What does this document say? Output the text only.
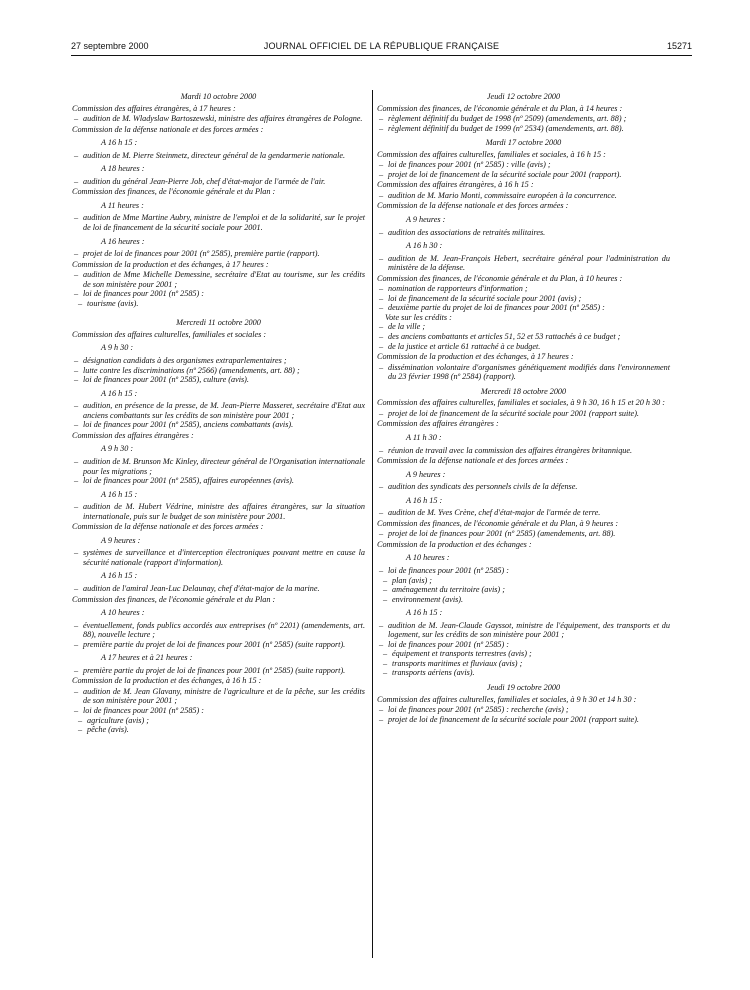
27 septembre 2000	JOURNAL OFFICIEL DE LA RÉPUBLIQUE FRANÇAISE	15271
Mardi 10 octobre 2000
Commission des affaires étrangères, à 17 heures :
– audition de M. Wladyslaw Bartoszewski, ministre des affaires étrangères de Pologne.
Commission de la défense nationale et des forces armées :
A 16 h 15 :
– audition de M. Pierre Steinmetz, directeur général de la gendarmerie nationale.
A 18 heures :
– audition du général Jean-Pierre Job, chef d'état-major de l'armée de l'air.
Commission des finances, de l'économie générale et du Plan :
A 11 heures :
– audition de Mme Martine Aubry, ministre de l'emploi et de la solidarité, sur le projet de loi de financement de la sécurité sociale pour 2001.
A 16 heures :
– projet de loi de finances pour 2001 (nº 2585), première partie (rapport).
Commission de la production et des échanges, à 17 heures :
– audition de Mme Michelle Demessine, secrétaire d'Etat au tourisme, sur les crédits de son ministère pour 2001 ;
– loi de finances pour 2001 (nº 2585) :
– tourisme (avis).
Mercredi 11 octobre 2000
Commission des affaires culturelles, familiales et sociales :
A 9 h 30 :
– désignation candidats à des organismes extraparlementaires ;
– lutte contre les discriminations (nº 2566) (amendements, art. 88) ;
– loi de finances pour 2001 (nº 2585), culture (avis).
A 16 h 15 :
– audition, en présence de la presse, de M. Jean-Pierre Masseret, secrétaire d'Etat aux anciens combattants sur les crédits de son ministère pour 2001 ;
– loi de finances pour 2001 (nº 2585), anciens combattants (avis).
Commission des affaires étrangères :
A 9 h 30 :
– audition de M. Brunson Mc Kinley, directeur général de l'Organisation internationale pour les migrations ;
– loi de finances pour 2001 (nº 2585), affaires européennes (avis).
A 16 h 15 :
– audition de M. Hubert Védrine, ministre des affaires étrangères, sur la situation internationale, puis sur le budget de son ministère pour 2001.
Commission de la défense nationale et des forces armées :
A 9 heures :
– systèmes de surveillance et d'interception électroniques pouvant mettre en cause la sécurité nationale (rapport d'information).
A 16 h 15 :
– audition de l'amiral Jean-Luc Delaunay, chef d'état-major de la marine.
Commission des finances, de l'économie générale et du Plan :
A 10 heures :
– éventuellement, fonds publics accordés aux entreprises (nº 2201) (amendements, art. 88), nouvelle lecture ;
– première partie du projet de loi de finances pour 2001 (nº 2585) (suite rapport).
A 17 heures et à 21 heures :
– première partie du projet de loi de finances pour 2001 (nº 2585) (suite rapport).
Commission de la production et des échanges, à 16 h 15 :
– audition de M. Jean Glavany, ministre de l'agriculture et de la pêche, sur les crédits de son ministère pour 2001 ;
– loi de finances pour 2001 (nº 2585) :
– agriculture (avis) ;
– pêche (avis).
Jeudi 12 octobre 2000
Commission des finances, de l'économie générale et du Plan, à 14 heures :
– règlement définitif du budget de 1998 (nº 2509) (amendements, art. 88) ;
– règlement définitif du budget de 1999 (nº 2534) (amendements, art. 88).
Mardi 17 octobre 2000
Commission des affaires culturelles, familiales et sociales, à 16 h 15 :
– loi de finances pour 2001 (nº 2585) : ville (avis) ;
– projet de loi de financement de la sécurité sociale pour 2001 (rapport).
Commission des affaires étrangères, à 16 h 15 :
– audition de M. Mario Monti, commissaire européen à la concurrence.
Commission de la défense nationale et des forces armées :
A 9 heures :
– audition des associations de retraités militaires.
A 16 h 30 :
– audition de M. Jean-François Hebert, secrétaire général pour l'administration du ministère de la défense.
Commission des finances, de l'économie générale et du Plan, à 10 heures :
– nomination de rapporteurs d'information ;
– loi de financement de la sécurité sociale pour 2001 (avis) ;
– deuxième partie du projet de loi de finances pour 2001 (nº 2585) :
Vote sur les crédits :
– de la ville ;
– des anciens combattants et articles 51, 52 et 53 rattachés à ce budget ;
– de la justice et article 61 rattaché à ce budget.
Commission de la production et des échanges, à 17 heures :
– dissémination volontaire d'organismes génétiquement modifiés dans l'environnement du 23 février 1998 (nº 2584) (rapport).
Mercredi 18 octobre 2000
Commission des affaires culturelles, familiales et sociales, à 9 h 30, 16 h 15 et 20 h 30 :
– projet de loi de financement de la sécurité sociale pour 2001 (rapport suite).
Commission des affaires étrangères :
A 11 h 30 :
– réunion de travail avec la commission des affaires étrangères britannique.
Commission de la défense nationale et des forces armées :
A 9 heures :
– audition des syndicats des personnels civils de la défense.
A 16 h 15 :
– audition de M. Yves Crène, chef d'état-major de l'armée de terre.
Commission des finances, de l'économie générale et du Plan, à 9 heures :
– projet de loi de finances pour 2001 (nº 2585) (amendements, art. 88).
Commission de la production et des échanges :
A 10 heures :
– loi de finances pour 2001 (nº 2585) :
– plan (avis) ;
– aménagement du territoire (avis) ;
– environnement (avis).
A 16 h 15 :
– audition de M. Jean-Claude Gayssot, ministre de l'équipement, des transports et du logement, sur les crédits de son ministère pour 2001 ;
– loi de finances pour 2001 (nº 2585) :
– équipement et transports terrestres (avis) ;
– transports maritimes et fluviaux (avis) ;
– transports aériens (avis).
Jeudi 19 octobre 2000
Commission des affaires culturelles, familiales et sociales, à 9 h 30 et 14 h 30 :
– loi de finances pour 2001 (nº 2585) : recherche (avis) ;
– projet de loi de financement de la sécurité sociale pour 2001 (rapport suite).
